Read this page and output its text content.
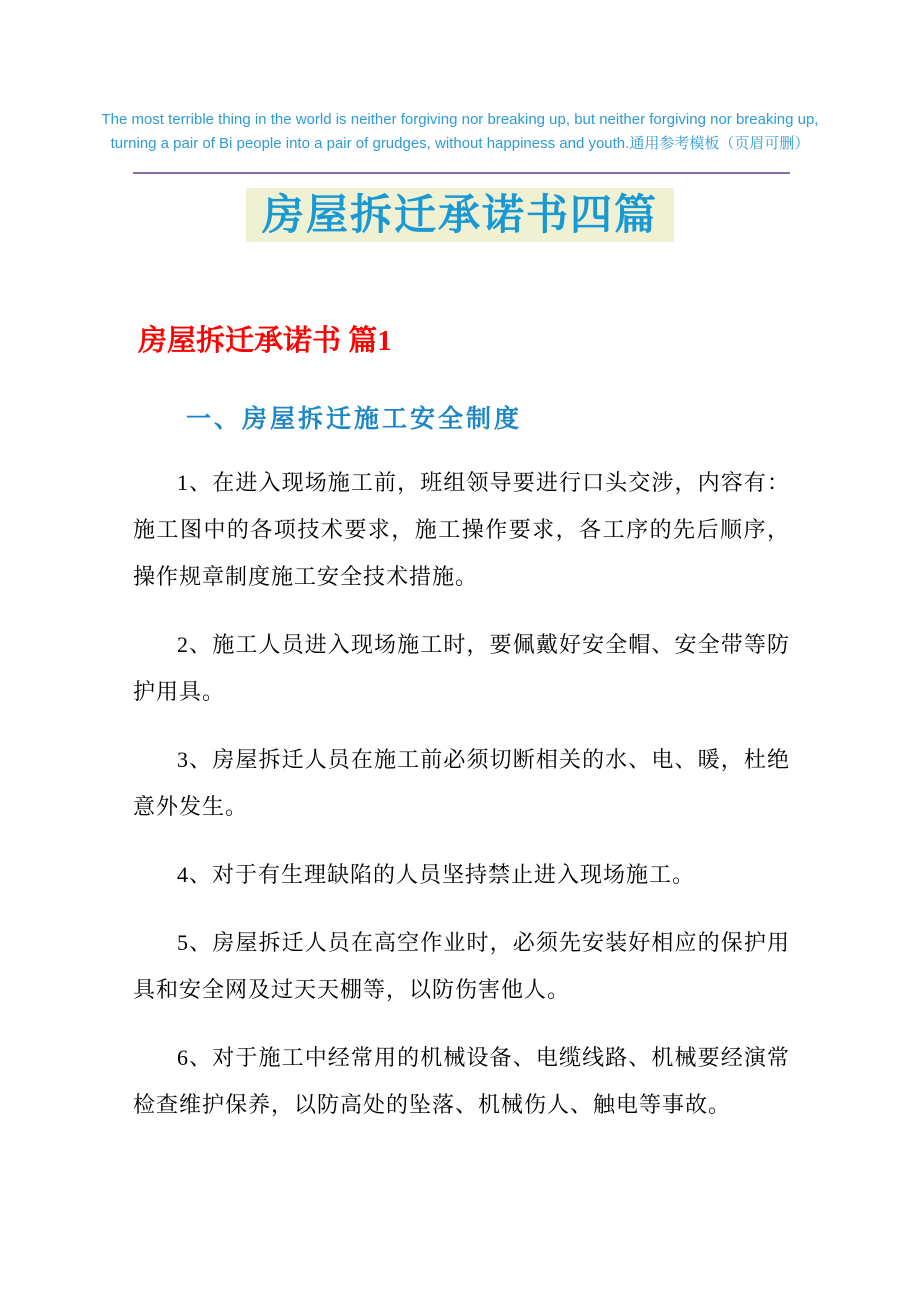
The most terrible thing in the world is neither forgiving nor breaking up, but neither forgiving nor breaking up,
turning a pair of Bi people into a pair of grudges, without happiness and youth.通用参考模板（页眉可删）
房屋拆迁承诺书四篇
房屋拆迁承诺书 篇1
一、房屋拆迁施工安全制度

1、在进入现场施工前，班组领导要进行口头交涉，内容有：施工图中的各项技术要求，施工操作要求，各工序的先后顺序，操作规章制度施工安全技术措施。

2、施工人员进入现场施工时，要佩戴好安全帽、安全带等防护用具。

3、房屋拆迁人员在施工前必须切断相关的水、电、暖，杜绝意外发生。

4、对于有生理缺陷的人员坚持禁止进入现场施工。

5、房屋拆迁人员在高空作业时，必须先安装好相应的保护用具和安全网及过天天棚等，以防伤害他人。

6、对于施工中经常用的机械设备、电缆线路、机械要经演常检查维护保养，以防高处的坠落、机械伤人、触电等事故。
